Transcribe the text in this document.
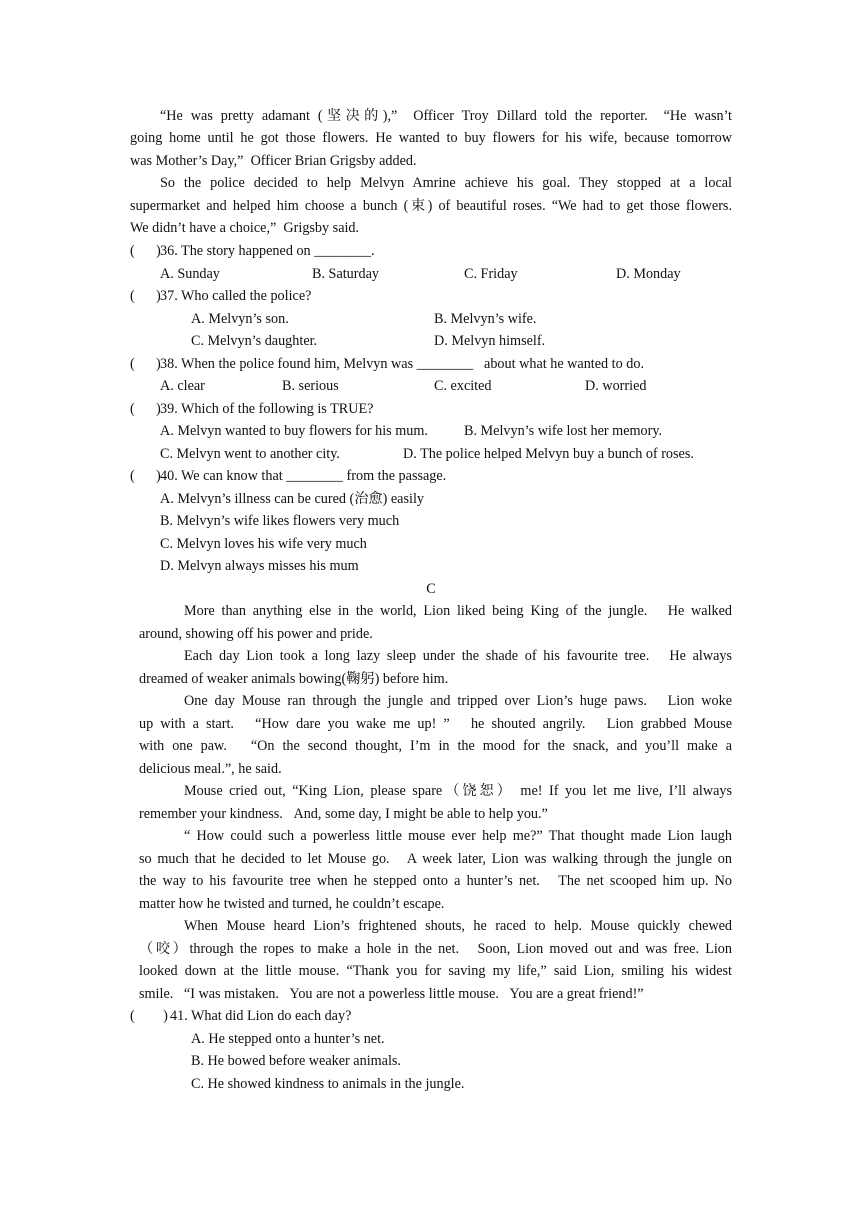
“He was pretty adamant (坚决的),”  Officer Troy Dillard told the reporter.  “He wasn’t
going home until he got those flowers. He wanted to buy flowers for his wife, because tomorrow
was Mother’s Day,”  Officer Brian Grigsby added.
So the police decided to help Melvyn Amrine achieve his goal. They stopped at a local
supermarket and helped him choose a bunch (束) of beautiful roses. “We had to get those flowers.
We didn’t have a choice,”  Grigsby said.
(      ) 36. The story happened on ________.
A. Sunday	B. Saturday	C. Friday	D. Monday
(      ) 37. Who called the police?
A. Melvyn’s son.	B. Melvyn’s wife.
C. Melvyn’s daughter.	D. Melvyn himself.
(      ) 38. When the police found him, Melvyn was ________   about what he wanted to do.
A. clear	B. serious	C. excited	D. worried
(      ) 39. Which of the following is TRUE?
A. Melvyn wanted to buy flowers for his mum.	B. Melvyn’s wife lost her memory.
C. Melvyn went to another city.	D. The police helped Melvyn buy a bunch of roses.
(      ) 40. We can know that ________ from the passage.
A. Melvyn’s illness can be cured (治愈) easily
B. Melvyn’s wife likes flowers very much
C. Melvyn loves his wife very much
D. Melvyn always misses his mum
C
More than anything else in the world, Lion liked being King of the jungle.   He walked
around, showing off his power and pride.
Each day Lion took a long lazy sleep under the shade of his favourite tree.   He always
dreamed of weaker animals bowing(鞠躬) before him.
One day Mouse ran through the jungle and tripped over Lion’s huge paws.   Lion woke
up with a start.   “How dare you wake me up! ”   he shouted angrily.   Lion grabbed Mouse
with one paw.   “On the second thought, I’m in the mood for the snack, and you’ll make a
delicious meal.”, he said.
Mouse cried out, “King Lion, please spare（饶恕） me! If you let me live, I’ll always
remember your kindness.   And, some day, I might be able to help you.”
“ How could such a powerless little mouse ever help me?” That thought made Lion laugh
so much that he decided to let Mouse go.   A week later, Lion was walking through the jungle on
the way to his favourite tree when he stepped onto a hunter’s net.   The net scooped him up. No
matter how he twisted and turned, he couldn’t escape.
When Mouse heard Lion’s frightened shouts, he raced to help. Mouse quickly chewed
（咬）through the ropes to make a hole in the net.   Soon, Lion moved out and was free. Lion
looked down at the little mouse. “Thank you for saving my life,” said Lion, smiling his widest
smile.   “I was mistaken.   You are not a powerless little mouse.   You are a great friend!”
(        ) 41. What did Lion do each day?
A. He stepped onto a hunter’s net.
B. He bowed before weaker animals.
C. He showed kindness to animals in the jungle.
